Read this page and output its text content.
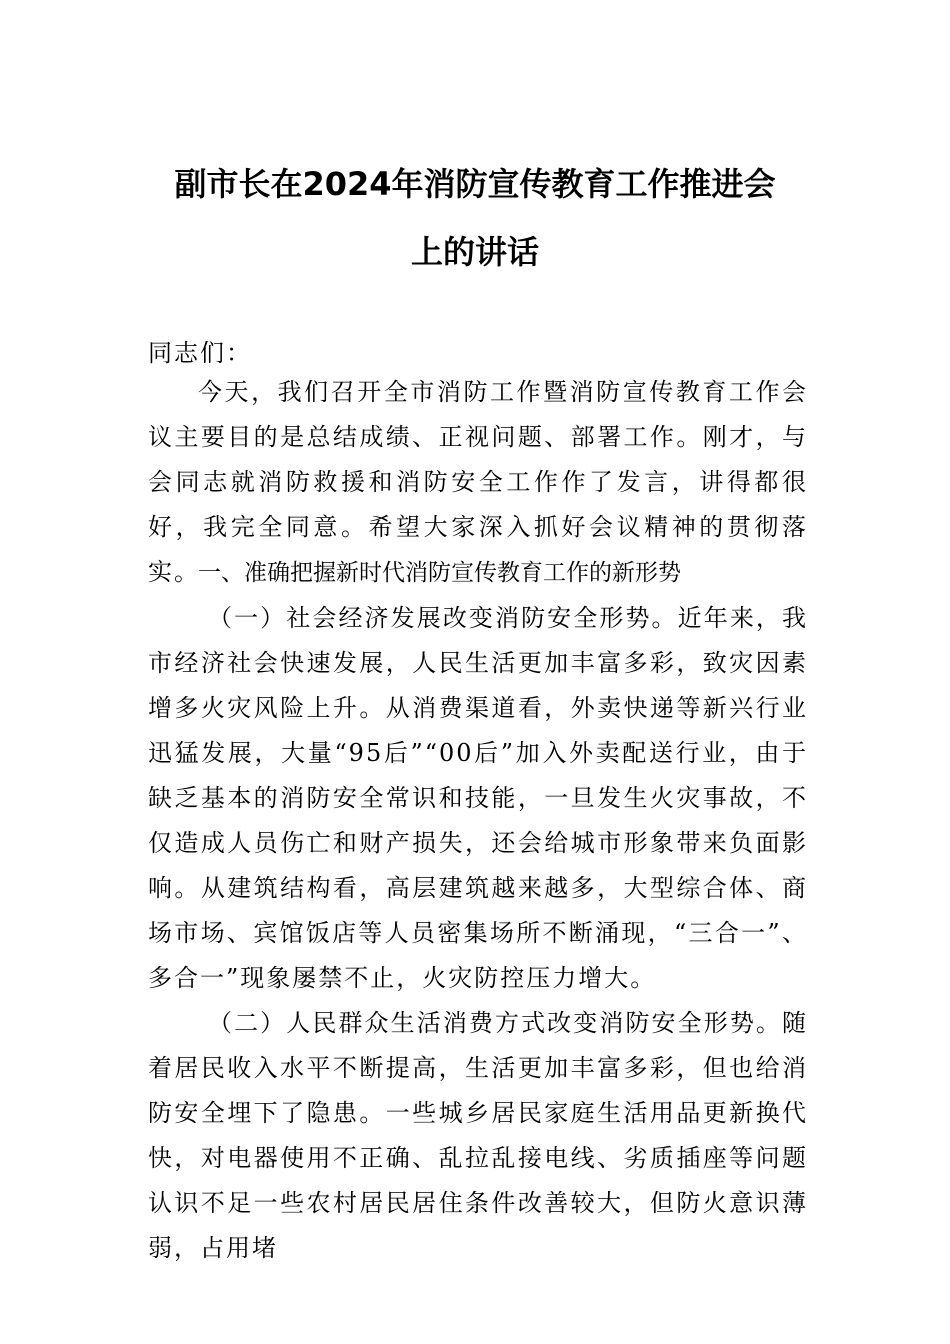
副市长在2024年消防宣传教育工作推进会
上的讲话
同志们：
今天，我们召开全市消防工作暨消防宣传教育工作会议主要目的是总结成绩、正视问题、部署工作。刚才，与会同志就消防救援和消防安全工作作了发言，讲得都很好，我完全同意。希望大家深入抓好会议精神的贯彻落实。
一、准确把握新时代消防宣传教育工作的新形势
（一）社会经济发展改变消防安全形势。近年来，我市经济社会快速发展，人民生活更加丰富多彩，致灾因素增多火灾风险上升。从消费渠道看，外卖快递等新兴行业迅猛发展，大量“95后”“00后”加入外卖配送行业，由于缺乏基本的消防安全常识和技能，一旦发生火灾事故，不仅造成人员伤亡和财产损失，还会给城市形象带来负面影响。从建筑结构看，高层建筑越来越多，大型综合体、商场市场、宾馆饭店等人员密集场所不断涌现，“三合一”、多合一”现象屡禁不止，火灾防控压力增大。
（二）人民群众生活消费方式改变消防安全形势。随着居民收入水平不断提高，生活更加丰富多彩，但也给消防安全埋下了隐患。一些城乡居民家庭生活用品更新换代快，对电器使用不正确、乱拉乱接电线、劣质插座等问题认识不足一些农村居民居住条件改善较大，但防火意识薄弱，占用堵
